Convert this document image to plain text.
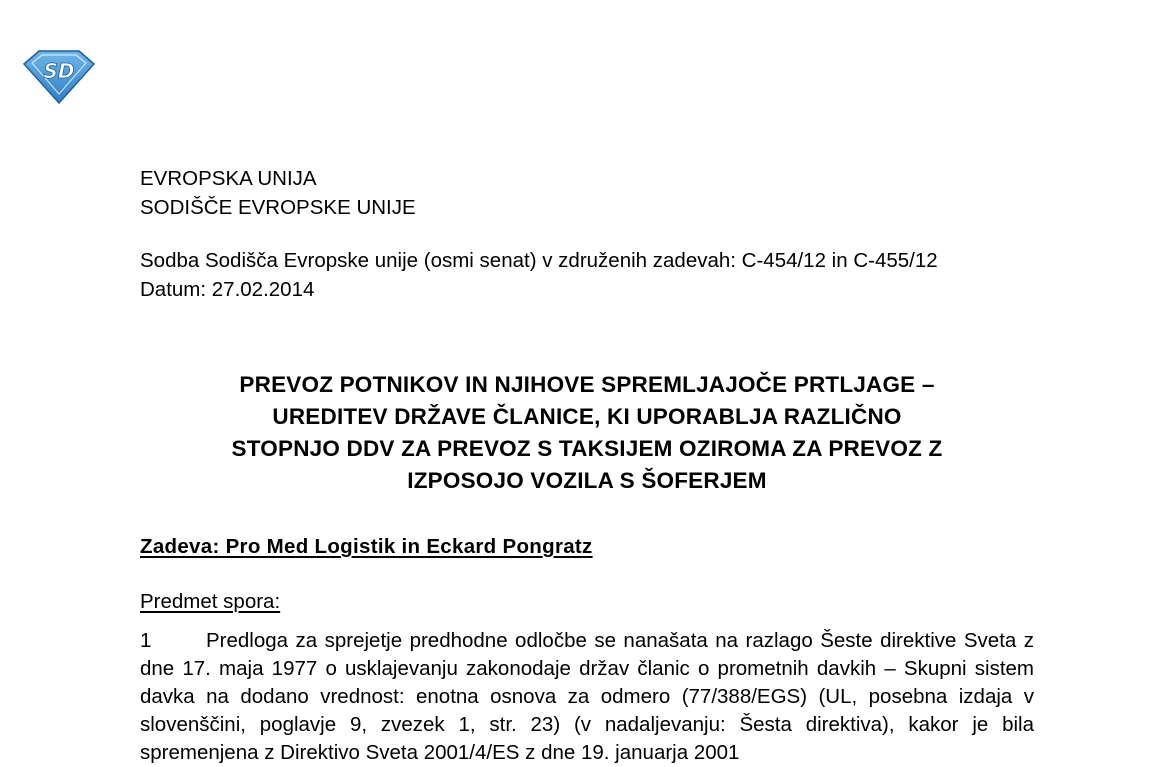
SD
EVROPSKA UNIJA
SODIŠČE EVROPSKE UNIJE
Sodba Sodišča Evropske unije (osmi senat) v združenih zadevah: C-454/12 in C-455/12
Datum: 27.02.2014
PREVOZ POTNIKOV IN NJIHOVE SPREMLJAJOČE PRTLJAGE –
UREDITEV DRŽAVE ČLANICE, KI UPORABLJA RAZLIČNO
STOPNJO DDV ZA PREVOZ S TAKSIJEM OZIROMA ZA PREVOZ Z
IZPOSOJO VOZILA S ŠOFERJEM
Zadeva: Pro Med Logistik in Eckard Pongratz
Predmet spora:
1	Predloga za sprejetje predhodne odločbe se nanašata na razlago Šeste direktive Sveta z dne 17. maja 1977 o usklajevanju zakonodaje držav članic o prometnih davkih – Skupni sistem davka na dodano vrednost: enotna osnova za odmero (77/388/EGS) (UL, posebna izdaja v slovenščini, poglavje 9, zvezek 1, str. 23) (v nadaljevanju: Šesta direktiva), kakor je bila spremenjena z Direktivo Sveta 2001/4/ES z dne 19. januarja 2001
